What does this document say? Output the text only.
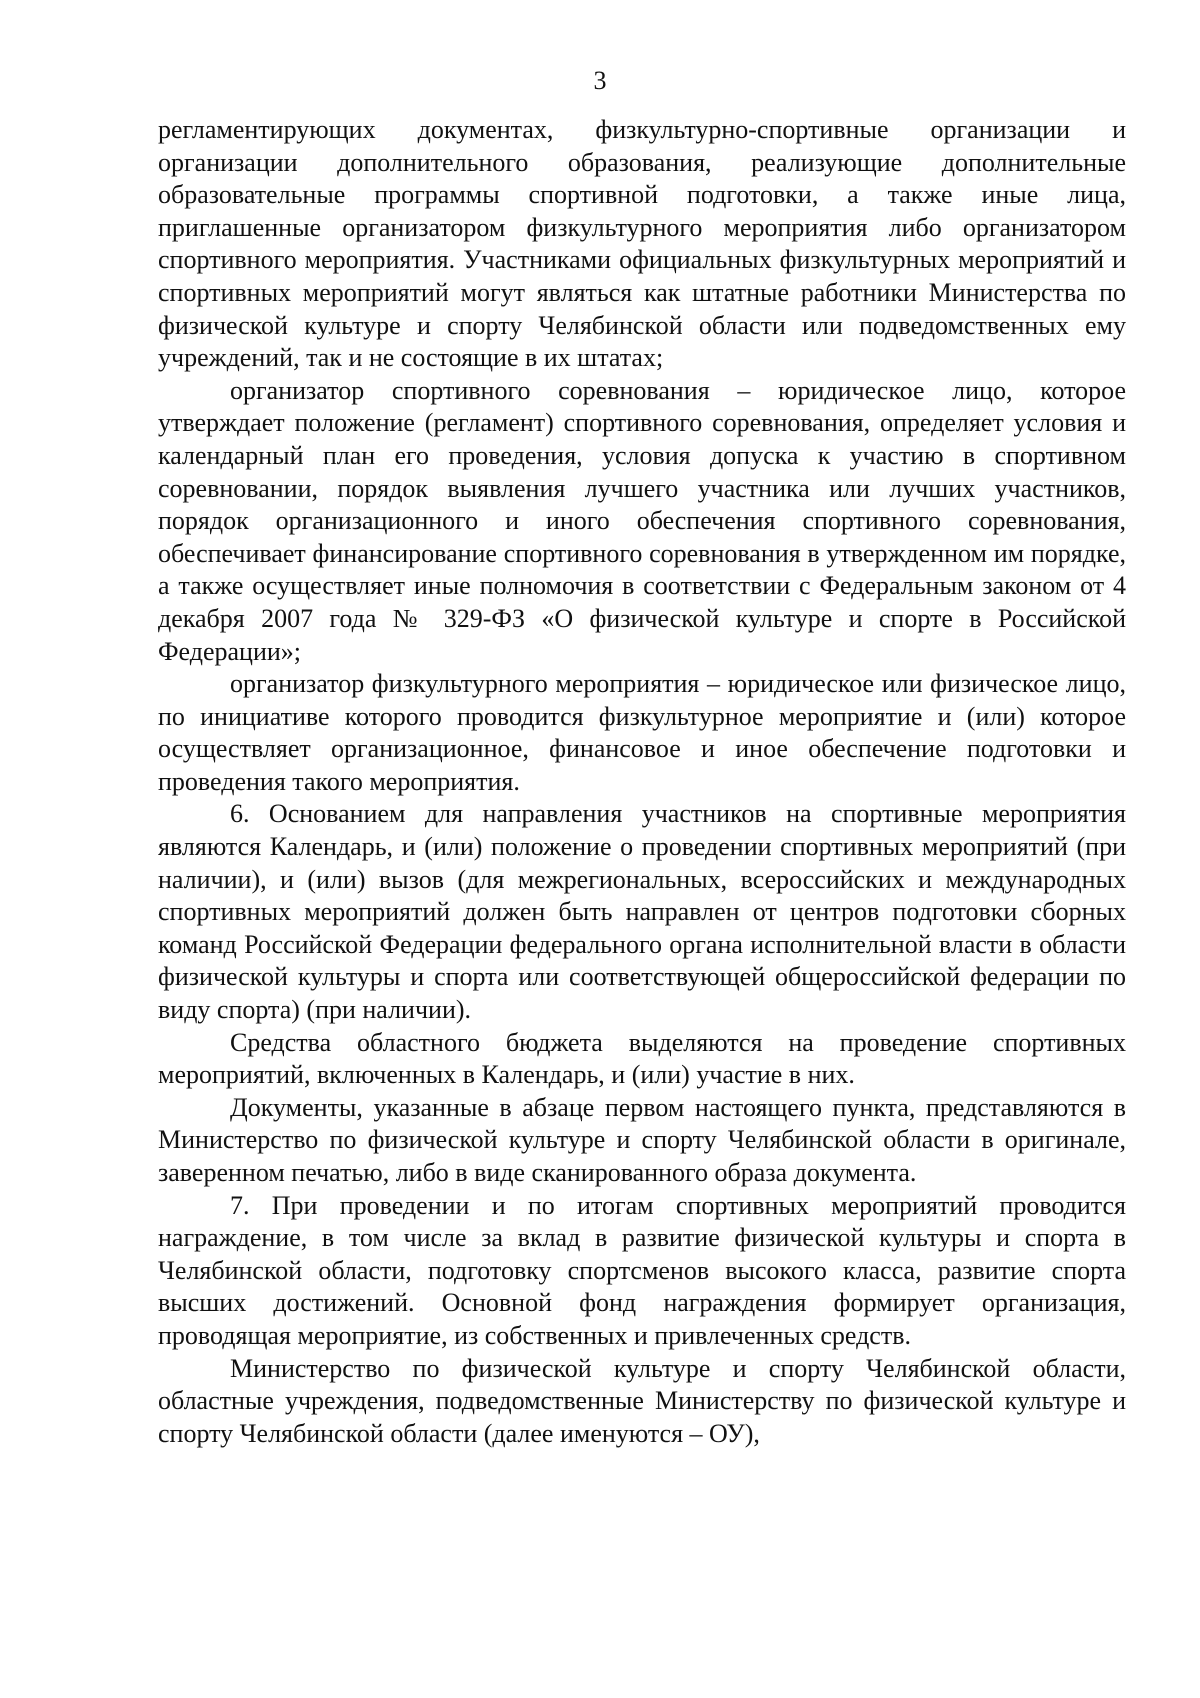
3

регламентирующих документах, физкультурно-спортивные организации и организации дополнительного образования, реализующие дополнительные образовательные программы спортивной подготовки, а также иные лица, приглашенные организатором физкультурного мероприятия либо организатором спортивного мероприятия. Участниками официальных физкультурных мероприятий и спортивных мероприятий могут являться как штатные работники Министерства по физической культуре и спорту Челябинской области или подведомственных ему учреждений, так и не состоящие в их штатах;

организатор спортивного соревнования – юридическое лицо, которое утверждает положение (регламент) спортивного соревнования, определяет условия и календарный план его проведения, условия допуска к участию в спортивном соревновании, порядок выявления лучшего участника или лучших участников, порядок организационного и иного обеспечения спортивного соревнования, обеспечивает финансирование спортивного соревнования в утвержденном им порядке, а также осуществляет иные полномочия в соответствии с Федеральным законом от 4 декабря 2007 года № 329-ФЗ «О физической культуре и спорте в Российской Федерации»;

организатор физкультурного мероприятия – юридическое или физическое лицо, по инициативе которого проводится физкультурное мероприятие и (или) которое осуществляет организационное, финансовое и иное обеспечение подготовки и проведения такого мероприятия.

6. Основанием для направления участников на спортивные мероприятия являются Календарь, и (или) положение о проведении спортивных мероприятий (при наличии), и (или) вызов (для межрегиональных, всероссийских и международных спортивных мероприятий должен быть направлен от центров подготовки сборных команд Российской Федерации федерального органа исполнительной власти в области физической культуры и спорта или соответствующей общероссийской федерации по виду спорта) (при наличии).

Средства областного бюджета выделяются на проведение спортивных мероприятий, включенных в Календарь, и (или) участие в них.

Документы, указанные в абзаце первом настоящего пункта, представляются в Министерство по физической культуре и спорту Челябинской области в оригинале, заверенном печатью, либо в виде сканированного образа документа.

7. При проведении и по итогам спортивных мероприятий проводится награждение, в том числе за вклад в развитие физической культуры и спорта в Челябинской области, подготовку спортсменов высокого класса, развитие спорта высших достижений. Основной фонд награждения формирует организация, проводящая мероприятие, из собственных и привлеченных средств.

Министерство по физической культуре и спорту Челябинской области, областные учреждения, подведомственные Министерству по физической культуре и спорту Челябинской области (далее именуются – ОУ),
